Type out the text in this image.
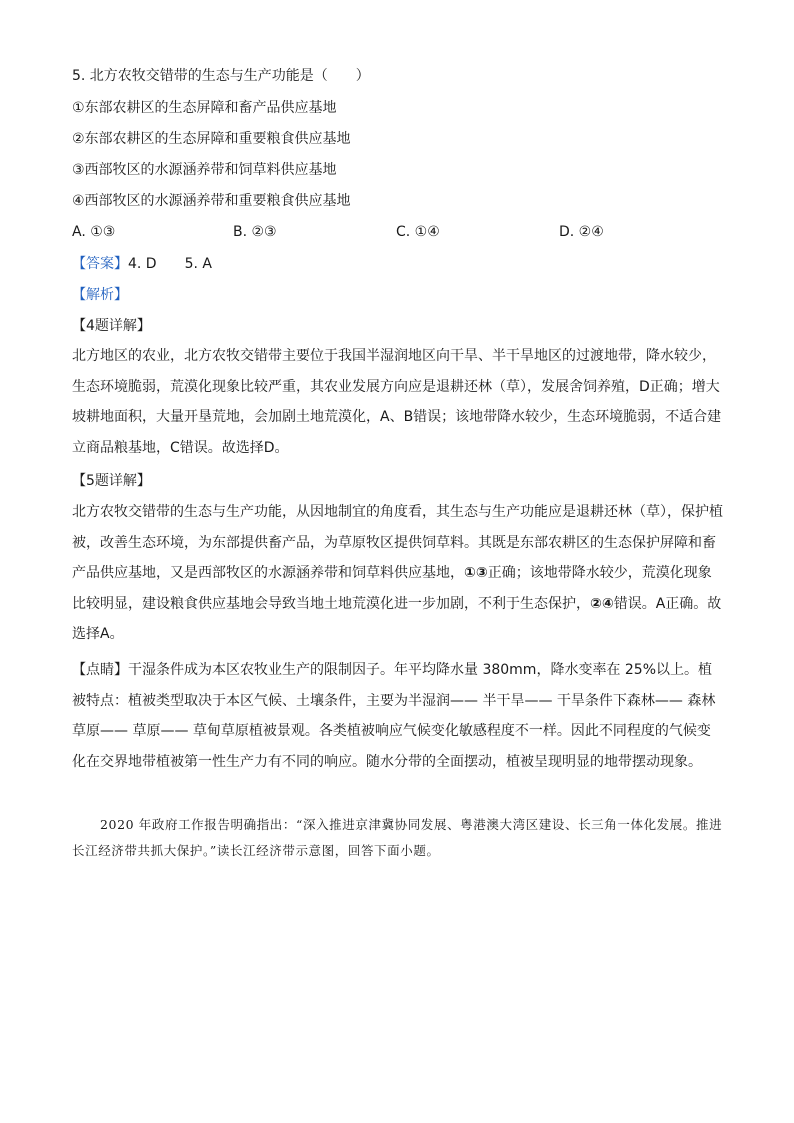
5. 北方农牧交错带的生态与生产功能是（　　）
①东部农耕区的生态屏障和畜产品供应基地
②东部农耕区的生态屏障和重要粮食供应基地
③西部牧区的水源涵养带和饲草料供应基地
④西部牧区的水源涵养带和重要粮食供应基地
A. ①③	B. ②③	C. ①④	D. ②④
【答案】4. D　　5. A
【解析】
【4题详解】
北方地区的农业，北方农牧交错带主要位于我国半湿润地区向干旱、半干旱地区的过渡地带，降水较少，生态环境脆弱，荒漠化现象比较严重，其农业发展方向应是退耕还林（草），发展舍饲养殖，D正确；增大坡耕地面积，大量开垦荒地，会加剧土地荒漠化，A、B错误；该地带降水较少，生态环境脆弱，不适合建立商品粮基地，C错误。故选择D。
【5题详解】
北方农牧交错带的生态与生产功能，从因地制宜的角度看，其生态与生产功能应是退耕还林（草），保护植被，改善生态环境，为东部提供畜产品，为草原牧区提供饲草料。其既是东部农耕区的生态保护屏障和畜产品供应基地，又是西部牧区的水源涵养带和饲草料供应基地，①③正确；该地带降水较少，荒漠化现象比较明显，建设粮食供应基地会导致当地土地荒漠化进一步加剧，不利于生态保护，②④错误。A正确。故选择A。
【点睛】干湿条件成为本区农牧业生产的限制因子。年平均降水量 380mm，降水变率在 25%以上。植被特点：植被类型取决于本区气候、土壤条件，主要为半湿润—— 半干旱—— 干旱条件下森林—— 森林草原—— 草原—— 草甸草原植被景观。各类植被响应气候变化敏感程度不一样。因此不同程度的气候变化在交界地带植被第一性生产力有不同的响应。随水分带的全面摆动，植被呈现明显的地带摆动现象。
2020 年政府工作报告明确指出：“深入推进京津冀协同发展、粤港澳大湾区建设、长三角一体化发展。推进长江经济带共抓大保护。”读长江经济带示意图，回答下面小题。
